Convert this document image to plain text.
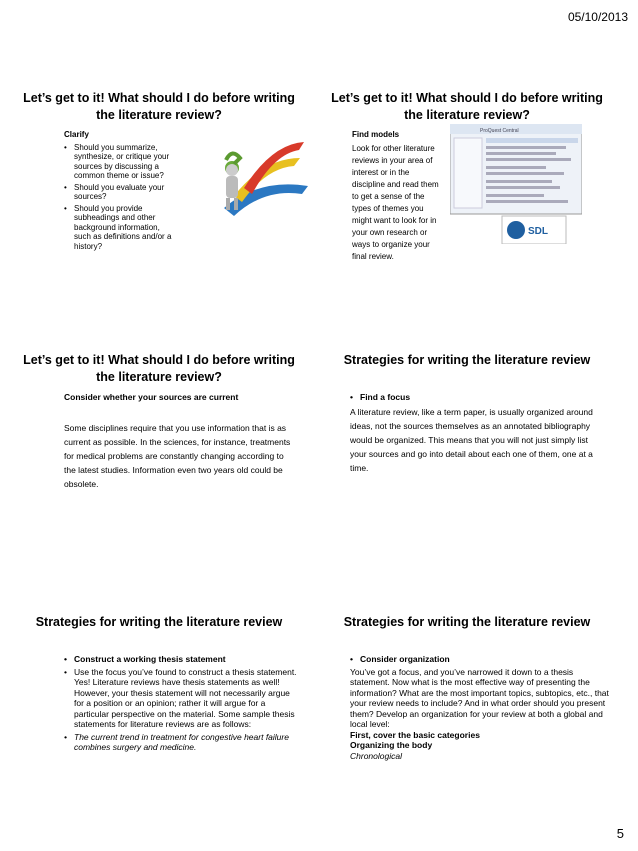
05/10/2013
Let’s get to it! What should I do before writing the literature review?
Clarify
• Should you summarize, synthesize, or critique your sources by discussing a common theme or issue?
• Should you evaluate your sources?
• Should you provide subheadings and other background information, such as definitions and/or a history?
Let’s get to it! What should I do before writing the literature review?
Find models
Look for other literature reviews in your area of interest or in the discipline and read them to get a sense of the types of themes you might want to look for in your own research or ways to organize your final review.
ProQuest Central
SDL
Let’s get to it! What should I do before writing the literature review?
Consider whether your sources are current
Some disciplines require that you use information that is as current as possible. In the sciences, for instance, treatments for medical problems are constantly changing according to the latest studies. Information even two years old could be obsolete.
Strategies for writing the literature review
• Find a focus
A literature review, like a term paper, is usually organized around ideas, not the sources themselves as an annotated bibliography would be organized. This means that you will not just simply list your sources and go into detail about each one of them, one at a time.
Strategies for writing the literature review
• Construct a working thesis statement
• Use the focus you’ve found to construct a thesis statement. Yes! Literature reviews have thesis statements as well! However, your thesis statement will not necessarily argue for a position or an opinion; rather it will argue for a particular perspective on the material. Some sample thesis statements for literature reviews are as follows:
• The current trend in treatment for congestive heart failure combines surgery and medicine.
Strategies for writing the literature review
• Consider organization
You’ve got a focus, and you’ve narrowed it down to a thesis statement. Now what is the most effective way of presenting the information? What are the most important topics, subtopics, etc., that your review needs to include? And in what order should you present them? Develop an organization for your review at both a global and local level:
First, cover the basic categories
Organizing the body
Chronological
5
